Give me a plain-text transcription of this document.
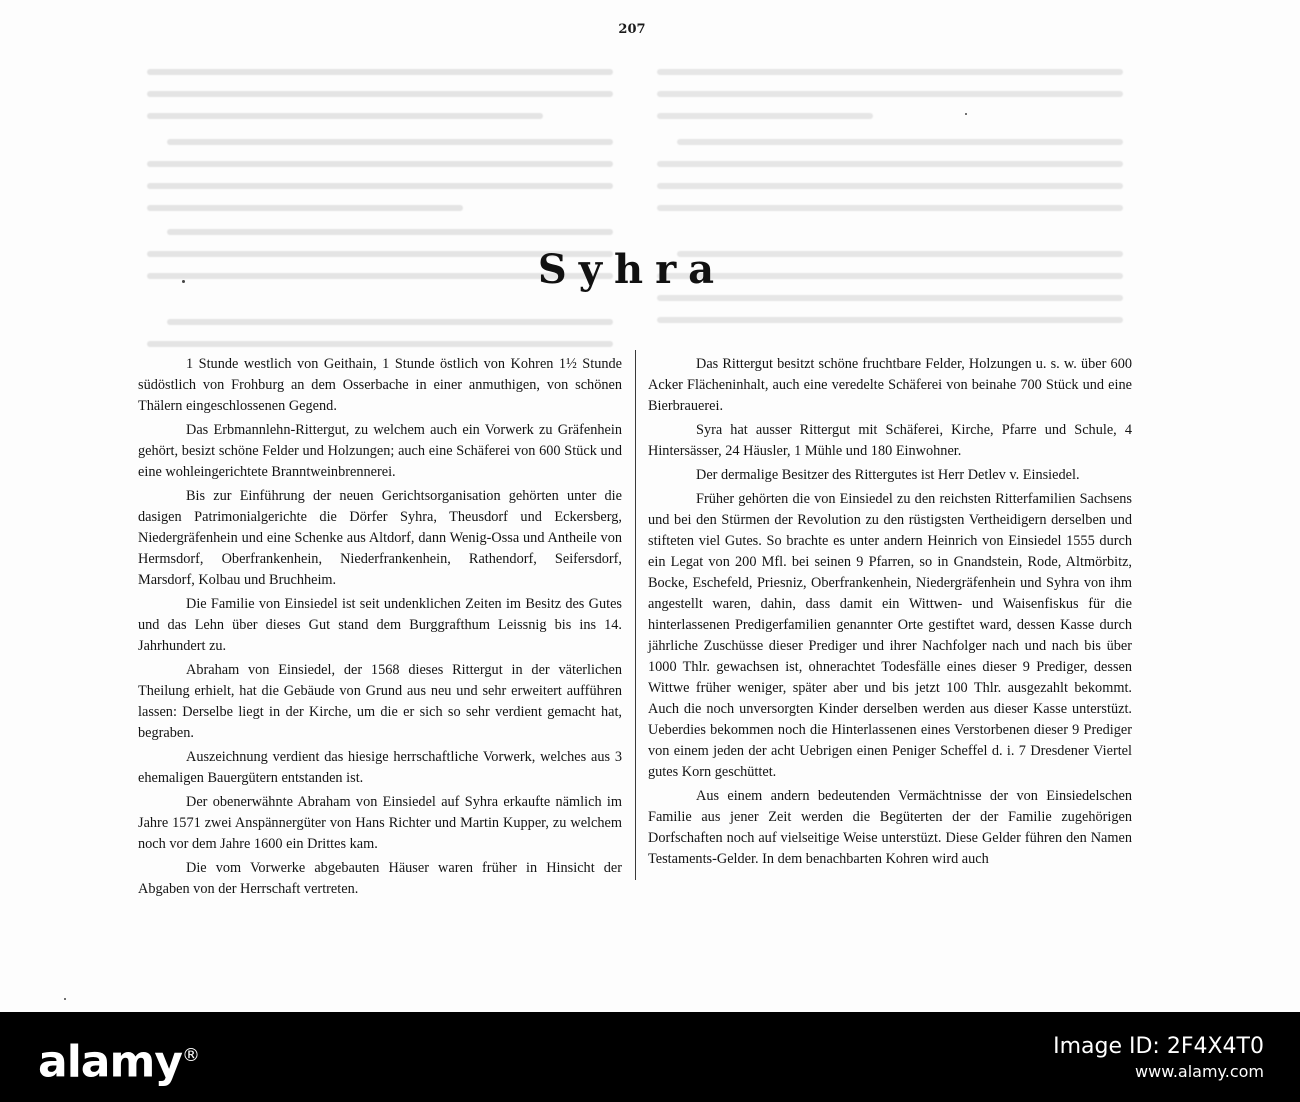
207
Syhra

1 Stunde westlich von Geithain, 1 Stunde östlich von Kohren 1½ Stunde südöstlich von Frohburg an dem Osserbache in einer anmuthigen, von schönen Thälern eingeschlossenen Gegend.

Das Erbmannlehn-Rittergut, zu welchem auch ein Vorwerk zu Gräfenhein gehört, besizt schöne Felder und Holzungen; auch eine Schäferei von 600 Stück und eine wohleingerichtete Branntweinbrennerei.

Bis zur Einführung der neuen Gerichtsorganisation gehörten unter die dasigen Patrimonialgerichte die Dörfer Syhra, Theusdorf und Eckersberg, Niedergräfenhein und eine Schenke aus Altdorf, dann Wenig-Ossa und Antheile von Hermsdorf, Oberfrankenhein, Niederfrankenhein, Rathendorf, Seifersdorf, Marsdorf, Kolbau und Bruchheim.

Die Familie von Einsiedel ist seit undenklichen Zeiten im Besitz des Gutes und das Lehn über dieses Gut stand dem Burggrafthum Leissnig bis ins 14. Jahrhundert zu.

Abraham von Einsiedel, der 1568 dieses Rittergut in der väterlichen Theilung erhielt, hat die Gebäude von Grund aus neu und sehr erweitert aufführen lassen: Derselbe liegt in der Kirche, um die er sich so sehr verdient gemacht hat, begraben.

Auszeichnung verdient das hiesige herrschaftliche Vorwerk, welches aus 3 ehemaligen Bauergütern entstanden ist.

Der obenerwähnte Abraham von Einsiedel auf Syhra erkaufte nämlich im Jahre 1571 zwei Anspännergüter von Hans Richter und Martin Kupper, zu welchem noch vor dem Jahre 1600 ein Drittes kam.

Die vom Vorwerke abgebauten Häuser waren früher in Hinsicht der Abgaben von der Herrschaft vertreten.

Das Rittergut besitzt schöne fruchtbare Felder, Holzungen u. s. w. über 600 Acker Flächeninhalt, auch eine veredelte Schäferei von beinahe 700 Stück und eine Bierbrauerei.

Syra hat ausser Rittergut mit Schäferei, Kirche, Pfarre und Schule, 4 Hintersässer, 24 Häusler, 1 Mühle und 180 Einwohner.

Der dermalige Besitzer des Rittergutes ist Herr Detlev v. Einsiedel.

Früher gehörten die von Einsiedel zu den reichsten Ritterfamilien Sachsens und bei den Stürmen der Revolution zu den rüstigsten Vertheidigern derselben und stifteten viel Gutes. So brachte es unter andern Heinrich von Einsiedel 1555 durch ein Legat von 200 Mfl. bei seinen 9 Pfarren, so in Gnandstein, Rode, Altmörbitz, Bocke, Eschefeld, Priesniz, Oberfrankenhein, Niedergräfenhein und Syhra von ihm angestellt waren, dahin, dass damit ein Wittwen- und Waisenfiskus für die hinterlassenen Predigerfamilien genannter Orte gestiftet ward, dessen Kasse durch jährliche Zuschüsse dieser Prediger und ihrer Nachfolger nach und nach bis über 1000 Thlr. gewachsen ist, ohnerachtet Todesfälle eines dieser 9 Prediger, dessen Wittwe früher weniger, später aber und bis jetzt 100 Thlr. ausgezahlt bekommt. Auch die noch unversorgten Kinder derselben werden aus dieser Kasse unterstüzt. Ueberdies bekommen noch die Hinterlassenen eines Verstorbenen dieser 9 Prediger von einem jeden der acht Uebrigen einen Peniger Scheffel d. i. 7 Dresdener Viertel gutes Korn geschüttet.

Aus einem andern bedeutenden Vermächtnisse der von Einsiedelschen Familie aus jener Zeit werden die Begüterten der der Familie zugehörigen Dorfschaften noch auf vielseitige Weise unterstüzt. Diese Gelder führen den Namen Testaments-Gelder. In dem benachbarten Kohren wird auch

alamy®	Image ID: 2F4X4T0
www.alamy.com
